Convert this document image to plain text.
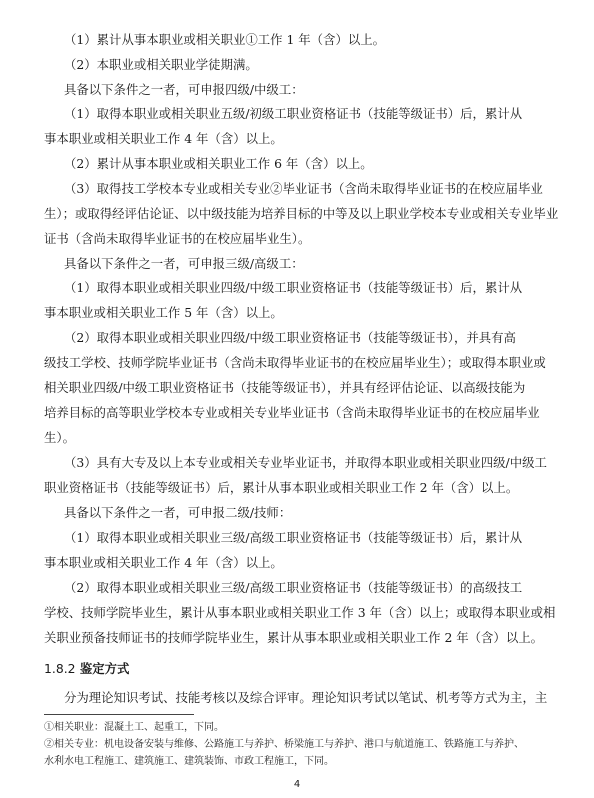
（1）累计从事本职业或相关职业①工作 1 年（含）以上。
（2）本职业或相关职业学徒期满。
具备以下条件之一者，可申报四级/中级工：
（1）取得本职业或相关职业五级/初级工职业资格证书（技能等级证书）后，累计从
事本职业或相关职业工作 4 年（含）以上。
（2）累计从事本职业或相关职业工作 6 年（含）以上。
（3）取得技工学校本专业或相关专业②毕业证书（含尚未取得毕业证书的在校应届毕业
生）；或取得经评估论证、以中级技能为培养目标的中等及以上职业学校本专业或相关专业毕业
证书（含尚未取得毕业证书的在校应届毕业生）。
具备以下条件之一者，可申报三级/高级工：
（1）取得本职业或相关职业四级/中级工职业资格证书（技能等级证书）后，累计从
事本职业或相关职业工作 5 年（含）以上。
（2）取得本职业或相关职业四级/中级工职业资格证书（技能等级证书），并具有高
级技工学校、技师学院毕业证书（含尚未取得毕业证书的在校应届毕业生）；或取得本职业或
相关职业四级/中级工职业资格证书（技能等级证书），并具有经评估论证、以高级技能为
培养目标的高等职业学校本专业或相关专业毕业证书（含尚未取得毕业证书的在校应届毕业
生）。
（3）具有大专及以上本专业或相关专业毕业证书，并取得本职业或相关职业四级/中级工
职业资格证书（技能等级证书）后，累计从事本职业或相关职业工作 2 年（含）以上。
具备以下条件之一者，可申报二级/技师：
（1）取得本职业或相关职业三级/高级工职业资格证书（技能等级证书）后，累计从
事本职业或相关职业工作 4 年（含）以上。
（2）取得本职业或相关职业三级/高级工职业资格证书（技能等级证书）的高级技工
学校、技师学院毕业生，累计从事本职业或相关职业工作 3 年（含）以上；或取得本职业或相
关职业预备技师证书的技师学院毕业生，累计从事本职业或相关职业工作 2 年（含）以上。
1.8.2 鉴定方式
分为理论知识考试、技能考核以及综合评审。理论知识考试以笔试、机考等方式为主，主
①相关职业：混凝土工、起重工，下同。
②相关专业：机电设备安装与维修、公路施工与养护、桥梁施工与养护、港口与航道施工、铁路施工与养护、
水利水电工程施工、建筑施工、建筑装饰、市政工程施工，下同。
4
